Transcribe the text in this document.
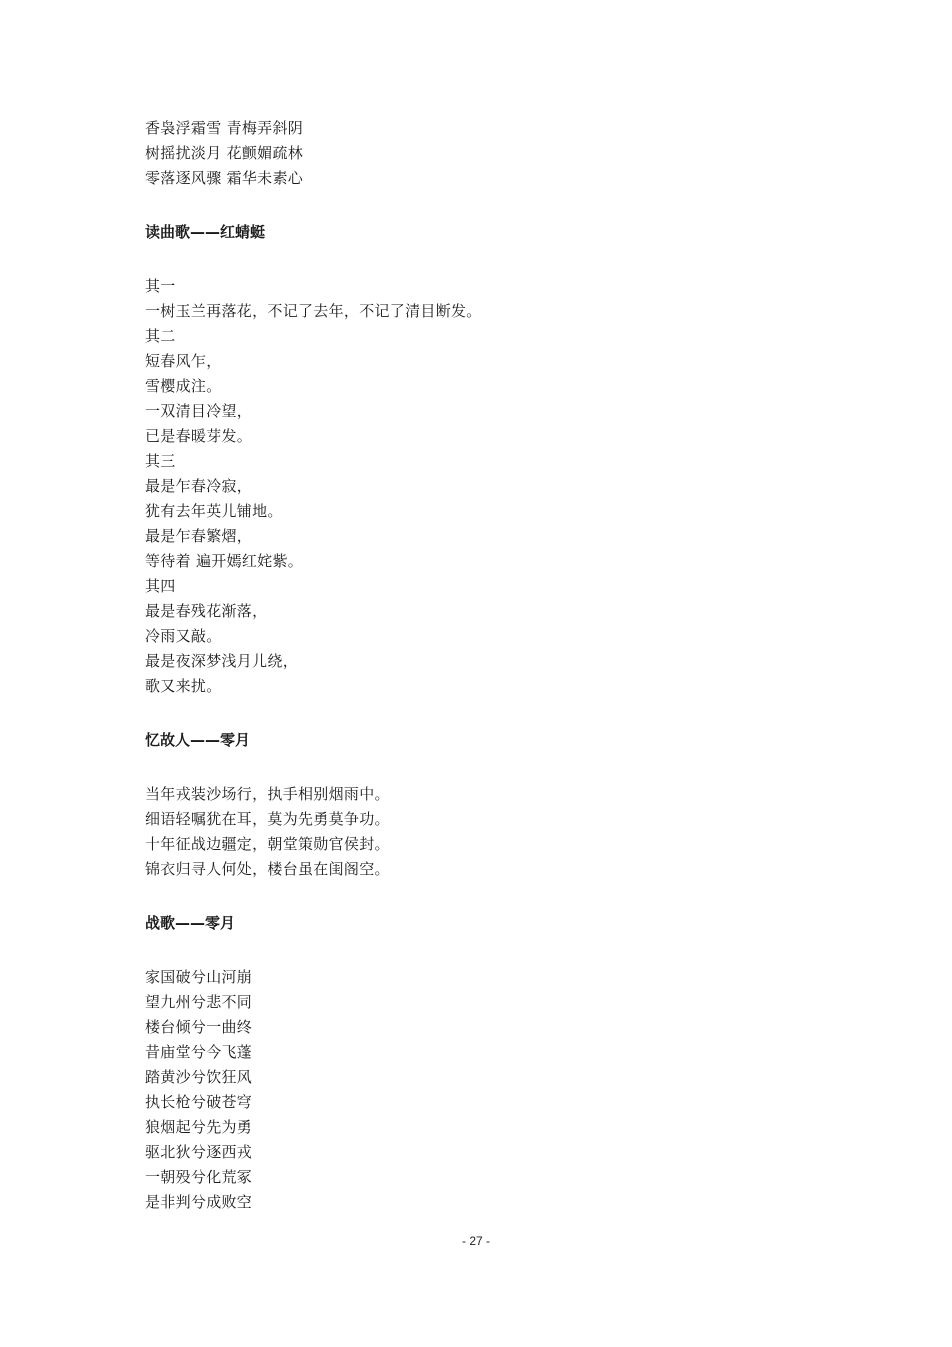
香袅浮霜雪 青梅弄斜阴
树摇扰淡月 花颤媚疏林
零落逐风骤 霜华未素心
读曲歌——红蜻蜓
其一
一树玉兰再落花，不记了去年，不记了清目断发。
其二
短春风乍，
雪樱成注。
一双清目冷望，
已是春暖芽发。
其三
最是乍春冷寂，
犹有去年英儿铺地。
最是乍春繁熠，
等待着 遍开嫣红姹紫。
其四
最是春残花渐落，
冷雨又敲。
最是夜深梦浅月儿绕，
歌又来扰。
忆故人——零月
当年戎装沙场行，执手相别烟雨中。
细语轻嘱犹在耳，莫为先勇莫争功。
十年征战边疆定，朝堂策勋官侯封。
锦衣归寻人何处，楼台虽在闺阁空。
战歌——零月
家国破兮山河崩
望九州兮悲不同
楼台倾兮一曲终
昔庙堂兮今飞蓬
踏黄沙兮饮狂风
执长枪兮破苍穹
狼烟起兮先为勇
驱北狄兮逐西戎
一朝殁兮化荒冢
是非判兮成败空
- 27 -
